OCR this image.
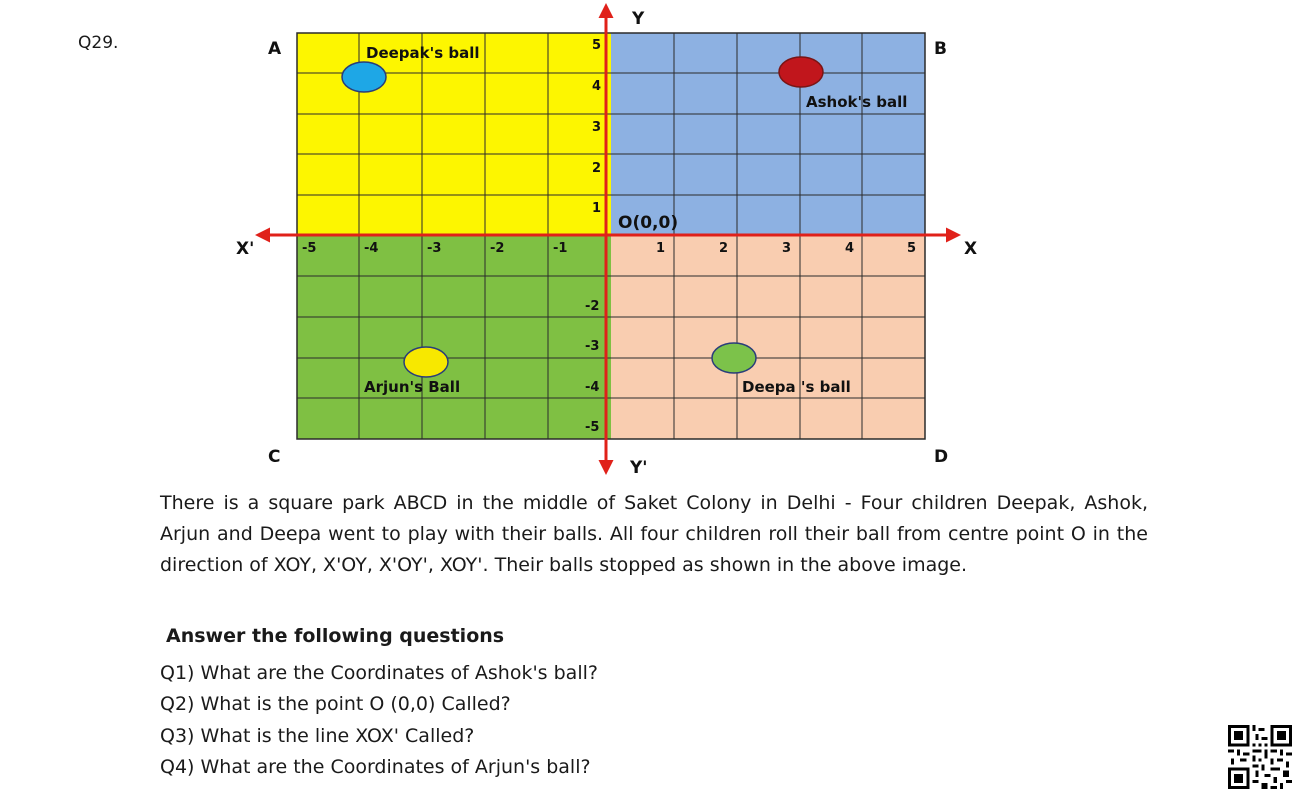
Q29.	A	B
C	D
Y
Y'
X
X'
O(0,0)
5
4
3
2
1
-5	-4	-3	-2	-1	1	2	3	4	5
-2
-3
-4
-5
Deepak's ball
Ashok's ball
Arjun's Ball	Deepa 's ball

There is a square park ABCD in the middle of Saket Colony in Delhi - Four children Deepak, Ashok, Arjun and Deepa went to play with their balls. All four children roll their ball from centre point O in the direction of XOY, X'OY, X'OY', XOY'. Their balls stopped as shown in the above image.

Answer the following questions

Q1) What are the Coordinates of Ashok's ball?

Q2) What is the point O (0,0) Called?

Q3) What is the line XOX' Called?

Q4) What are the Coordinates of Arjun's ball?
